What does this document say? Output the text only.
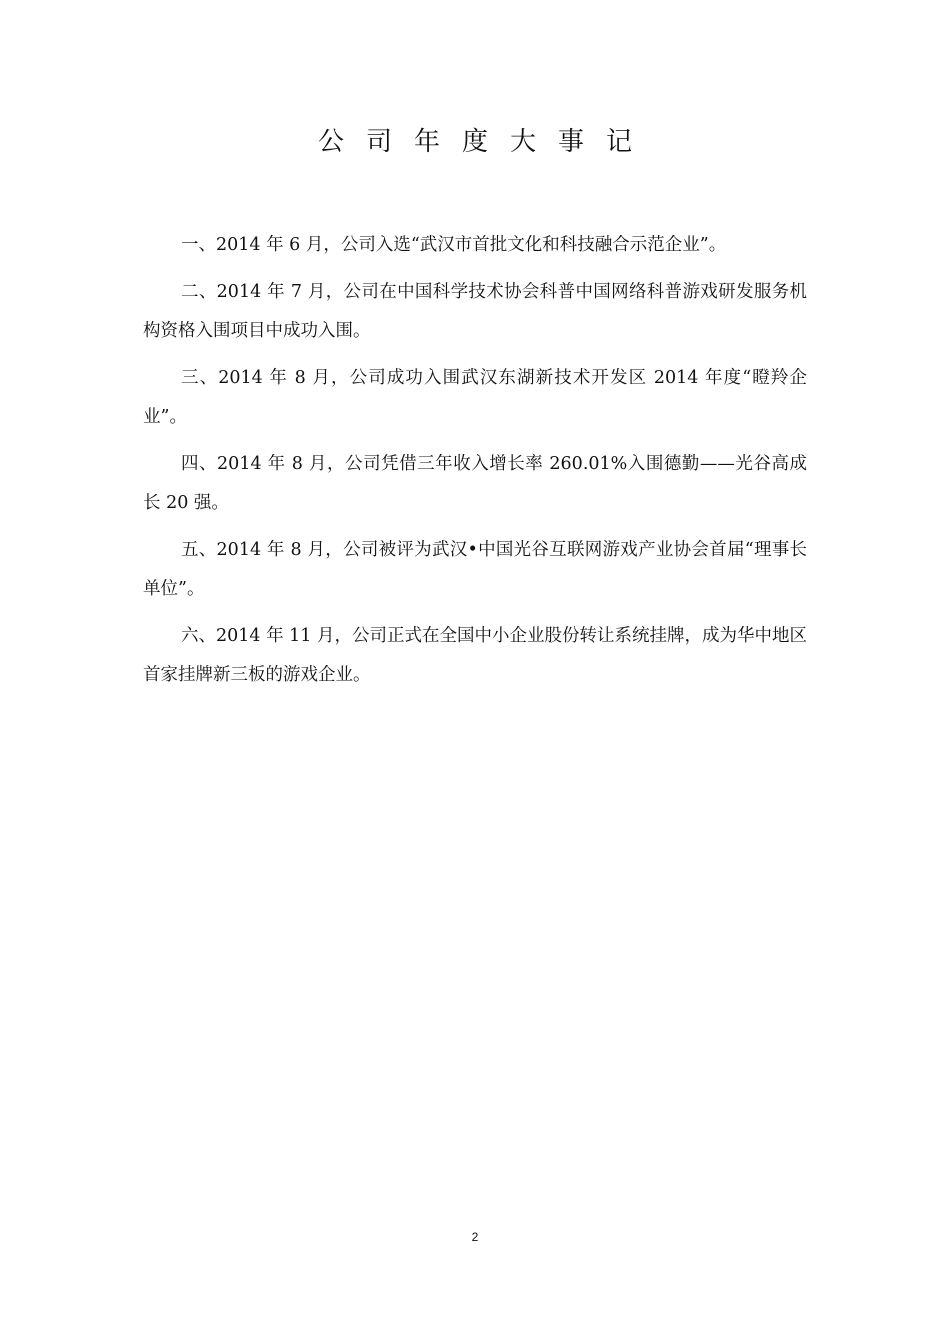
公司年度大事记
一、2014 年 6 月，公司入选“武汉市首批文化和科技融合示范企业”。
二、2014 年 7 月，公司在中国科学技术协会科普中国网络科普游戏研发服务机构资格入围项目中成功入围。
三、2014 年 8 月，公司成功入围武汉东湖新技术开发区 2014 年度“瞪羚企业”。
四、2014 年 8 月，公司凭借三年收入增长率 260.01%入围德勤——光谷高成长 20 强。
五、2014 年 8 月，公司被评为武汉•中国光谷互联网游戏产业协会首届“理事长单位”。
六、2014 年 11 月，公司正式在全国中小企业股份转让系统挂牌，成为华中地区首家挂牌新三板的游戏企业。
2
